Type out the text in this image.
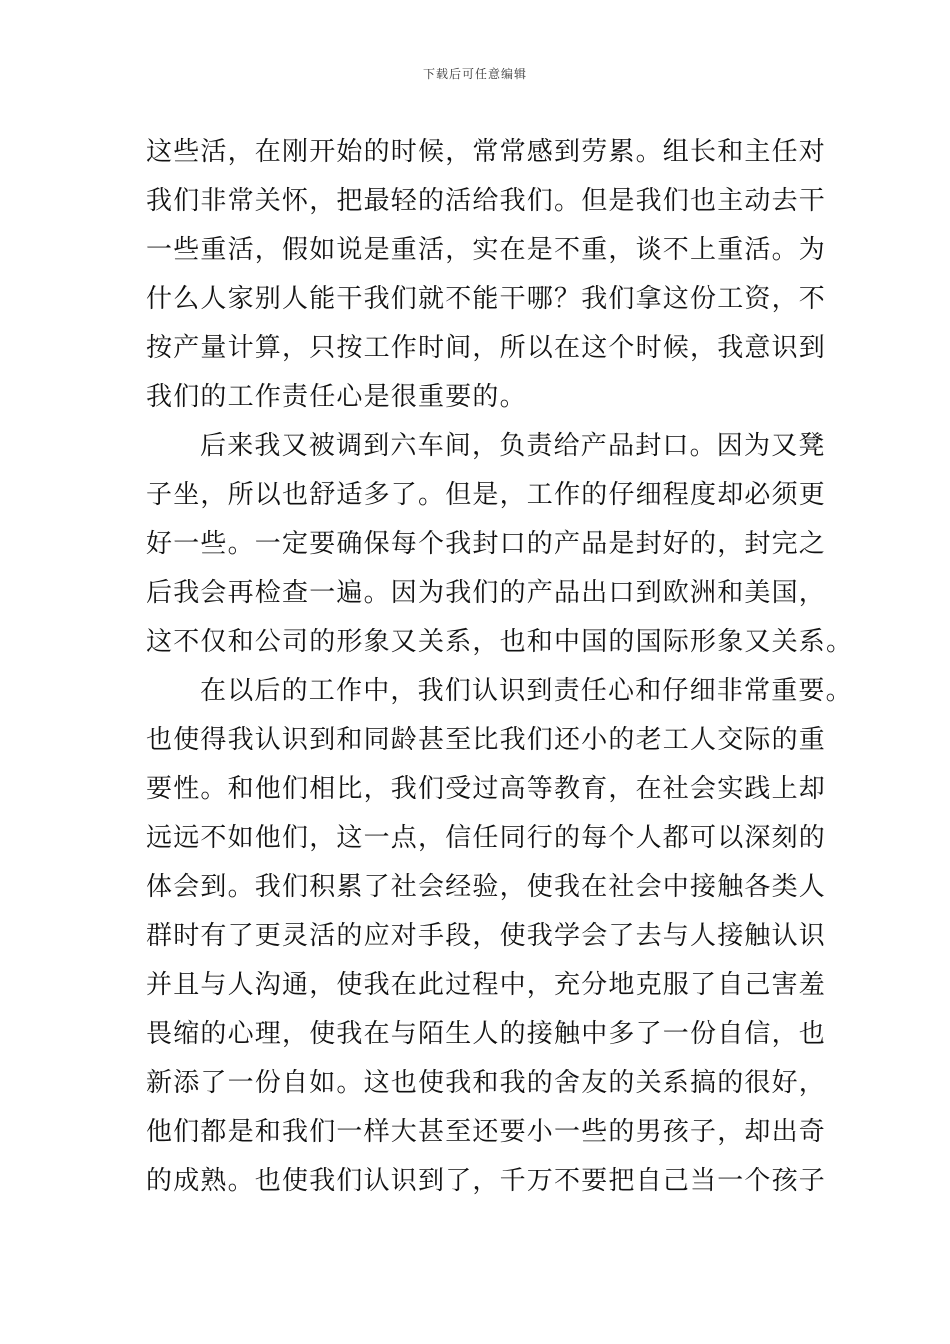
下载后可任意编辑
这些活，在刚开始的时候，常常感到劳累。组长和主任对
我们非常关怀，把最轻的活给我们。但是我们也主动去干
一些重活，假如说是重活，实在是不重，谈不上重活。为
什么人家别人能干我们就不能干哪？我们拿这份工资，不
按产量计算，只按工作时间，所以在这个时候，我意识到
我们的工作责任心是很重要的。
后来我又被调到六车间，负责给产品封口。因为又凳
子坐，所以也舒适多了。但是，工作的仔细程度却必须更
好一些。一定要确保每个我封口的产品是封好的，封完之
后我会再检查一遍。因为我们的产品出口到欧洲和美国，
这不仅和公司的形象又关系，也和中国的国际形象又关系。
在以后的工作中，我们认识到责任心和仔细非常重要。
也使得我认识到和同龄甚至比我们还小的老工人交际的重
要性。和他们相比，我们受过高等教育，在社会实践上却
远远不如他们，这一点，信任同行的每个人都可以深刻的
体会到。我们积累了社会经验，使我在社会中接触各类人
群时有了更灵活的应对手段，使我学会了去与人接触认识
并且与人沟通，使我在此过程中，充分地克服了自己害羞
畏缩的心理，使我在与陌生人的接触中多了一份自信，也
新添了一份自如。这也使我和我的舍友的关系搞的很好，
他们都是和我们一样大甚至还要小一些的男孩子，却出奇
的成熟。也使我们认识到了，千万不要把自己当一个孩子
